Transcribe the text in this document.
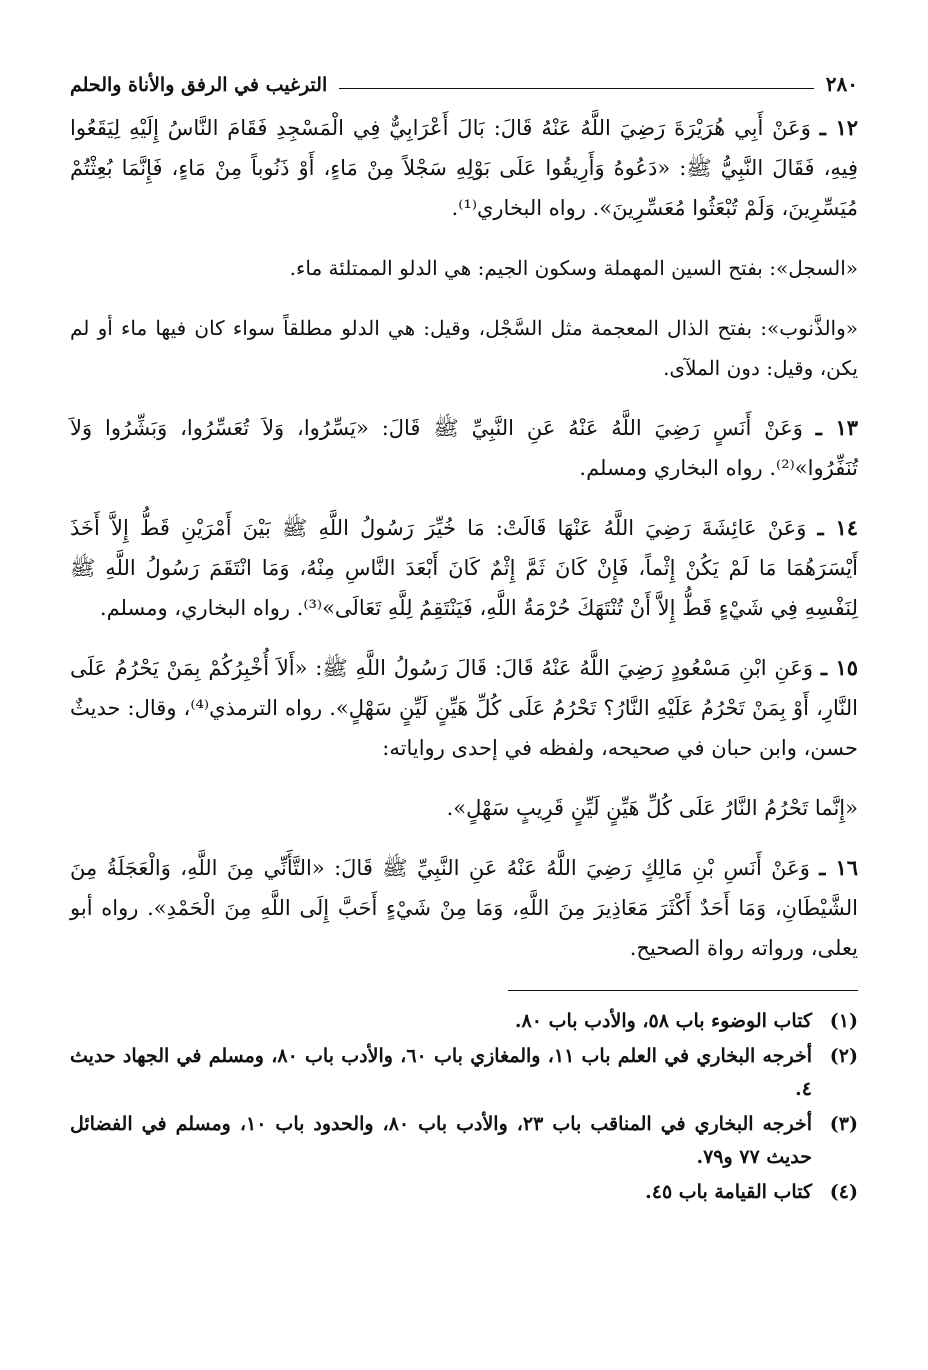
٢٨٠
الترغيب في الرفق والأناة والحلم

١٢ ـ وَعَنْ أَبِي هُرَيْرَةَ رَضِيَ اللَّهُ عَنْهُ قَالَ: بَالَ أَعْرَابِيٌّ فِي الْمَسْجِدِ فَقَامَ النَّاسُ إِلَيْهِ لِيَقَعُوا فِيهِ، فَقَالَ النَّبِيُّ ﷺ: «دَعُوهُ وَأَرِيقُوا عَلَى بَوْلِهِ سَجْلاً مِنْ مَاءٍ، أَوْ ذَنُوباً مِنْ مَاءٍ، فَإِنَّمَا بُعِثْتُمْ مُيَسِّرِينَ، وَلَمْ تُبْعَثُوا مُعَسِّرِينَ». رواه البخاري⁽¹⁾.

«السجل»: بفتح السين المهملة وسكون الجيم: هي الدلو الممتلئة ماء.

«والذَّنوب»: بفتح الذال المعجمة مثل السَّجْل، وقيل: هي الدلو مطلقاً سواء كان فيها ماء أو لم يكن، وقيل: دون الملآى.

١٣ ـ وَعَنْ أَنَسٍ رَضِيَ اللَّهُ عَنْهُ عَنِ النَّبِيِّ ﷺ قَالَ: «يَسِّرُوا، وَلاَ تُعَسِّرُوا، وَبَشِّرُوا وَلاَ تُنَفِّرُوا»⁽²⁾. رواه البخاري ومسلم.

١٤ ـ وَعَنْ عَائِشَةَ رَضِيَ اللَّهُ عَنْهَا قَالَتْ: مَا خُيِّرَ رَسُولُ اللَّهِ ﷺ بَيْنَ أَمْرَيْنِ قَطُّ إِلاَّ أَخَذَ أَيْسَرَهُمَا مَا لَمْ يَكُنْ إِثْماً، فَإِنْ كَانَ ثَمَّ إِثْمٌ كَانَ أَبْعَدَ النَّاسِ مِنْهُ، وَمَا انْتَقَمَ رَسُولُ اللَّهِ ﷺ لِنَفْسِهِ فِي شَيْءٍ قَطُّ إِلاَّ أَنْ تُنْتَهَكَ حُرْمَةُ اللَّهِ، فَيَنْتَقِمُ لِلَّهِ تَعَالَى»⁽³⁾. رواه البخاري، ومسلم.

١٥ ـ وَعَنِ ابْنِ مَسْعُودٍ رَضِيَ اللَّهُ عَنْهُ قَالَ: قَالَ رَسُولُ اللَّهِ ﷺ: «أَلاَ أُخْبِرُكُمْ بِمَنْ يَحْرُمُ عَلَى النَّارِ، أَوْ بِمَنْ تَحْرُمُ عَلَيْهِ النَّارُ؟ تَحْرُمُ عَلَى كُلِّ هَيِّنٍ لَيِّنٍ سَهْلٍ». رواه الترمذي⁽⁴⁾، وقال: حديثٌ حسن، وابن حبان في صحيحه، ولفظه في إحدى رواياته:

«إِنَّما تَحْرُمُ النَّارُ عَلَى كُلِّ هَيِّنٍ لَيِّنٍ قَرِيبٍ سَهْلٍ».

١٦ ـ وَعَنْ أَنَسِ بْنِ مَالِكٍ رَضِيَ اللَّهُ عَنْهُ عَنِ النَّبِيِّ ﷺ قَالَ: «التَّأَنِّي مِنَ اللَّهِ، وَالْعَجَلَةُ مِنَ الشَّيْطَانِ، وَمَا أَحَدٌ أَكْثَرَ مَعَاذِيرَ مِنَ اللَّهِ، وَمَا مِنْ شَيْءٍ أَحَبَّ إِلَى اللَّهِ مِنَ الْحَمْدِ». رواه أبو يعلى، ورواته رواة الصحيح.

(١)
كتاب الوضوء باب ٥٨، والأدب باب ٨٠.
(٢)
أخرجه البخاري في العلم باب ١١، والمغازي باب ٦٠، والأدب باب ٨٠، ومسلم في الجهاد حديث ٤.
(٣)
أخرجه البخاري في المناقب باب ٢٣، والأدب باب ٨٠، والحدود باب ١٠، ومسلم في الفضائل حديث ٧٧ و٧٩.
(٤)
كتاب القيامة باب ٤٥.
